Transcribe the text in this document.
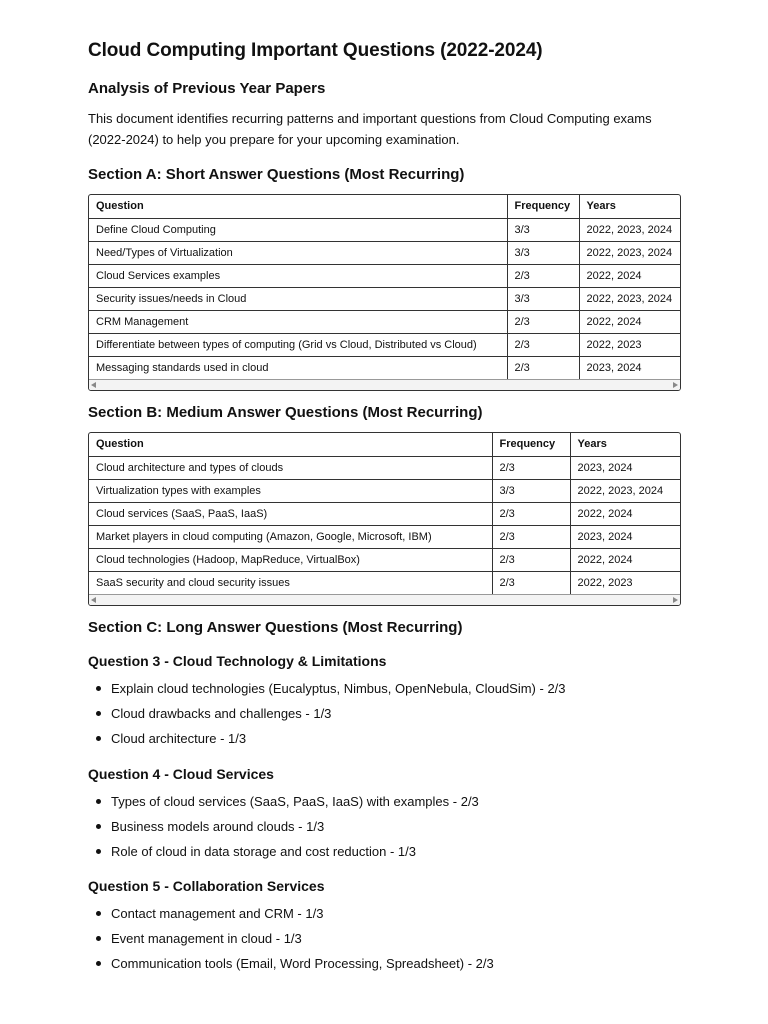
Cloud Computing Important Questions (2022-2024)
Analysis of Previous Year Papers

This document identifies recurring patterns and important questions from Cloud Computing exams (2022-2024) to help you prepare for your upcoming examination.

Section A: Short Answer Questions (Most Recurring)
Question	Frequency	Years
Define Cloud Computing	3/3	2022, 2023, 2024
Need/Types of Virtualization	3/3	2022, 2023, 2024
Cloud Services examples	2/3	2022, 2024
Security issues/needs in Cloud	3/3	2022, 2023, 2024
CRM Management	2/3	2022, 2024
Differentiate between types of computing (Grid vs Cloud, Distributed vs Cloud)	2/3	2022, 2023
Messaging standards used in cloud	2/3	2023, 2024
Section B: Medium Answer Questions (Most Recurring)
Question	Frequency	Years
Cloud architecture and types of clouds	2/3	2023, 2024
Virtualization types with examples	3/3	2022, 2023, 2024
Cloud services (SaaS, PaaS, IaaS)	2/3	2022, 2024
Market players in cloud computing (Amazon, Google, Microsoft, IBM)	2/3	2023, 2024
Cloud technologies (Hadoop, MapReduce, VirtualBox)	2/3	2022, 2024
SaaS security and cloud security issues	2/3	2022, 2023
Section C: Long Answer Questions (Most Recurring)
Question 3 - Cloud Technology & Limitations
Explain cloud technologies (Eucalyptus, Nimbus, OpenNebula, CloudSim) - 2/3
Cloud drawbacks and challenges - 1/3
Cloud architecture - 1/3
Question 4 - Cloud Services
Types of cloud services (SaaS, PaaS, IaaS) with examples - 2/3
Business models around clouds - 1/3
Role of cloud in data storage and cost reduction - 1/3
Question 5 - Collaboration Services
Contact management and CRM - 1/3
Event management in cloud - 1/3
Communication tools (Email, Word Processing, Spreadsheet) - 2/3
